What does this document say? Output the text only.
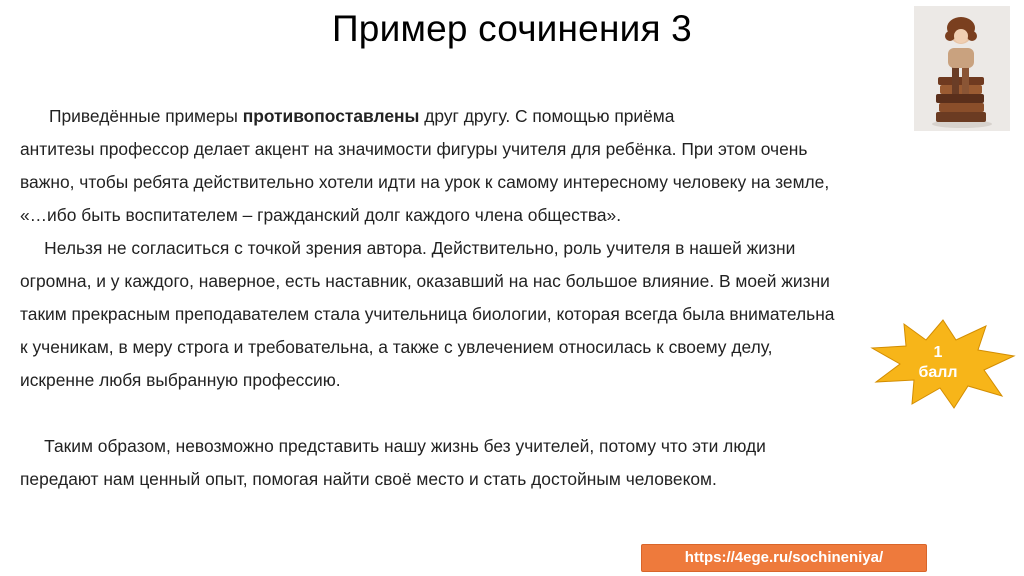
Пример сочинения 3
Приведённые примеры противопоставлены друг другу. С помощью приёма
антитезы профессор делает акцент на значимости фигуры учителя для ребёнка. При этом очень
важно, чтобы ребята действительно хотели идти на урок к самому интересному человеку на земле,
«…ибо быть воспитателем – гражданский долг каждого члена общества».
Нельзя не согласиться с точкой зрения автора. Действительно, роль учителя в нашей жизни
огромна, и у каждого, наверное, есть наставник, оказавший на нас большое влияние. В моей жизни
таким прекрасным преподавателем стала учительница биологии, которая всегда была внимательна
к ученикам, в меру строга и требовательна, а также с увлечением относилась к своему делу,
искренне любя выбранную профессию.
Таким образом, невозможно представить нашу жизнь без учителей, потому что эти люди
передают нам ценный опыт, помогая найти своё место и стать достойным человеком.
1
балл
https://4ege.ru/sochineniya/
